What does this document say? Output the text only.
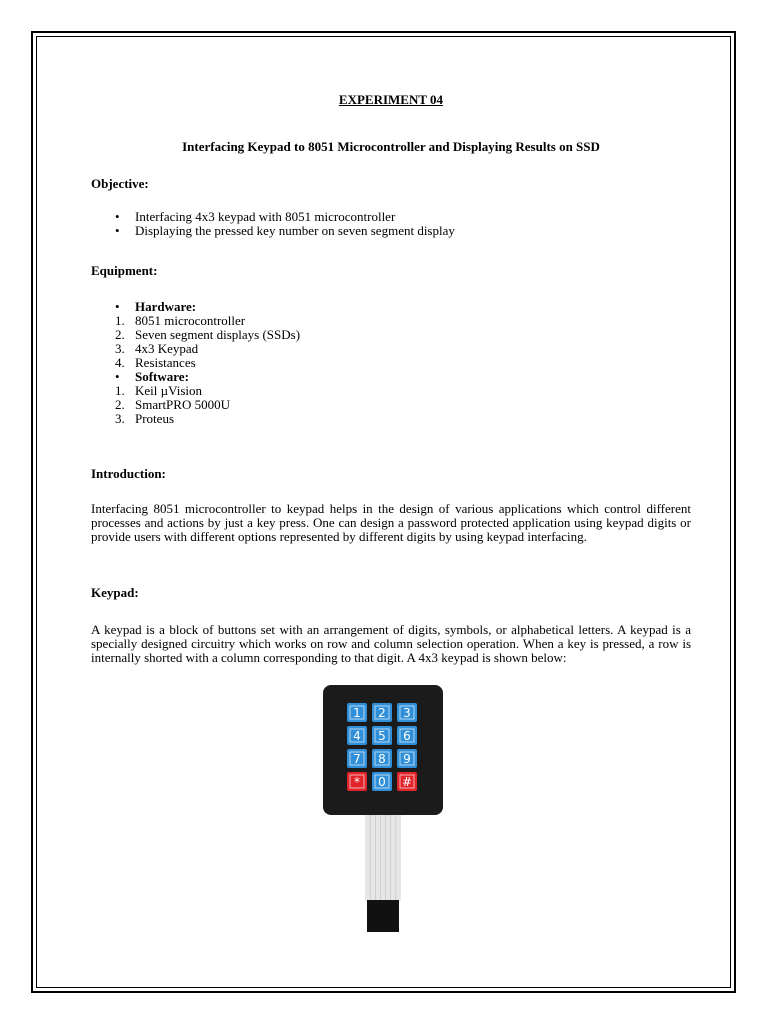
EXPERIMENT 04
Interfacing Keypad to 8051 Microcontroller and Displaying Results on SSD
Objective:
• Interfacing 4x3 keypad with 8051 microcontroller
• Displaying the pressed key number on seven segment display
Equipment:
• Hardware:
1. 8051 microcontroller
2. Seven segment displays (SSDs)
3. 4x3 Keypad
4. Resistances
• Software:
1. Keil µVision
2. SmartPRO 5000U
3. Proteus
Introduction:

Interfacing 8051 microcontroller to keypad helps in the design of various applications which control different processes and actions by just a key press. One can design a password protected application using keypad digits or provide users with different options represented by different digits by using keypad interfacing.

Keypad:

A keypad is a block of buttons set with an arrangement of digits, symbols, or alphabetical letters. A keypad is a specially designed circuitry which works on row and column selection operation. When a key is pressed, a row is internally shorted with a column corresponding to that digit. A 4x3 keypad is shown below:

1 2 3
4 5 6
7 8 9
* 0 #
